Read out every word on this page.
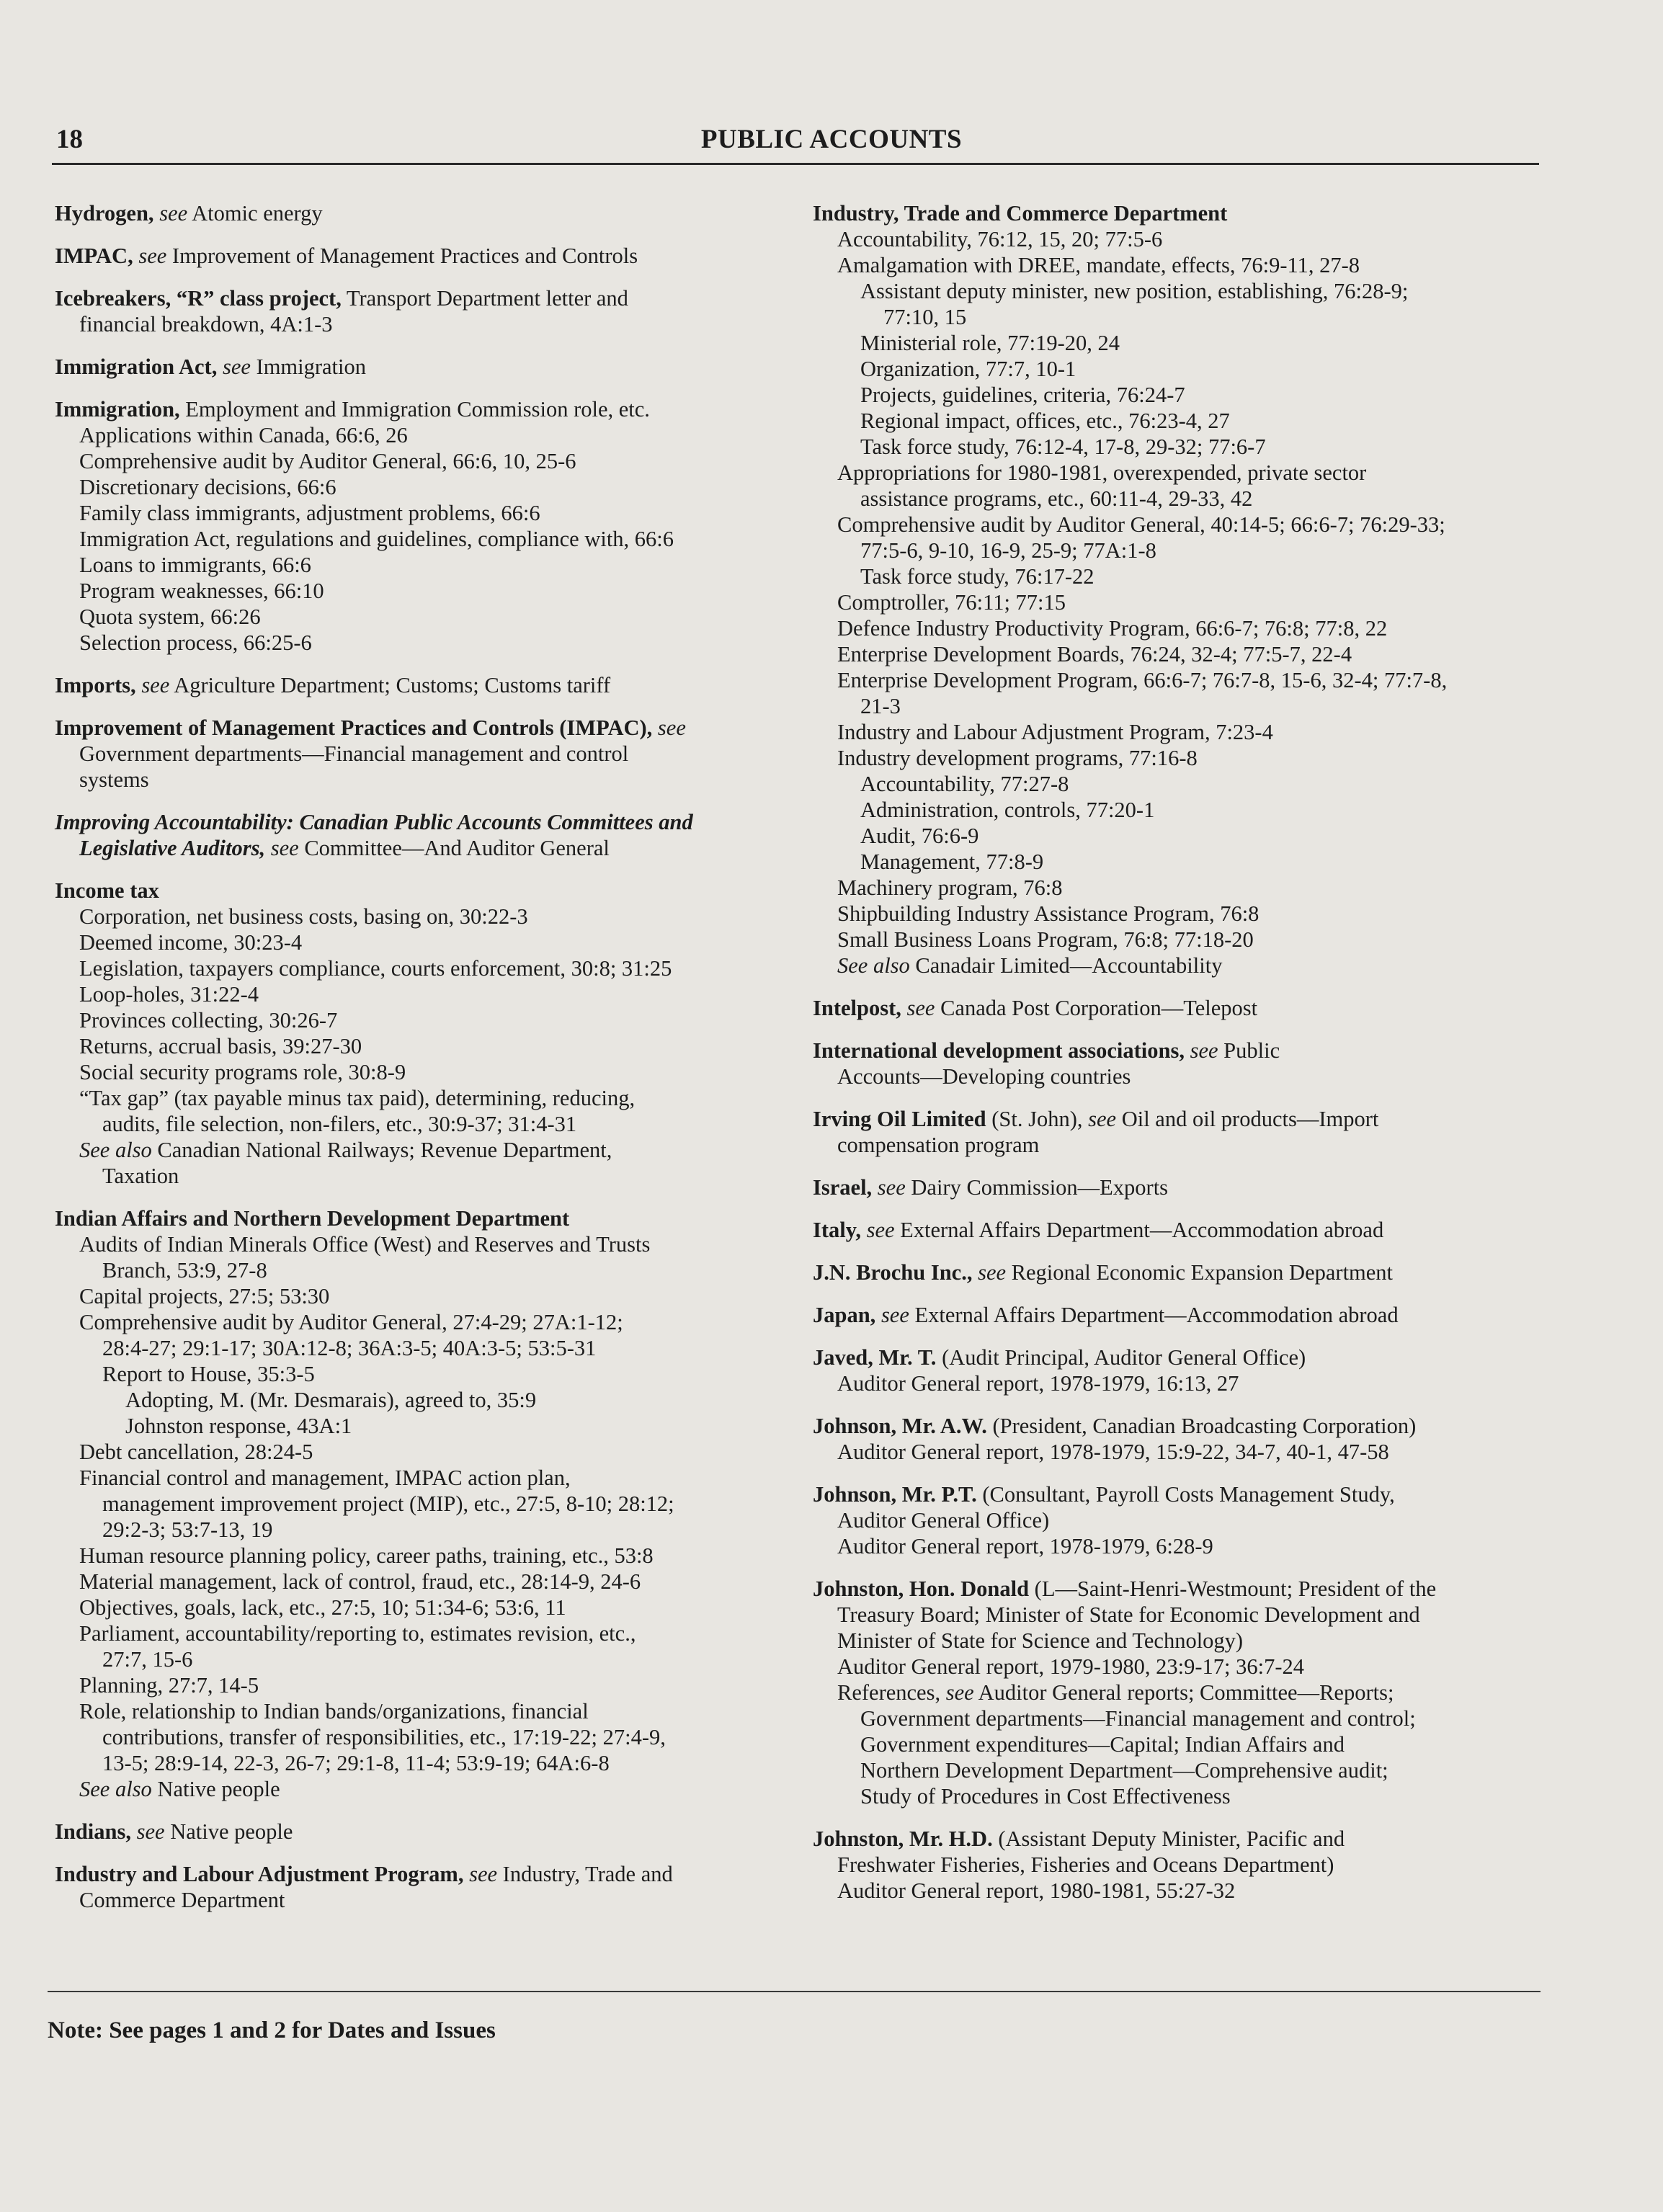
18	PUBLIC ACCOUNTS
Hydrogen, see Atomic energy
IMPAC, see Improvement of Management Practices and Controls
Icebreakers, “R” class project, Transport Department letter and
financial breakdown, 4A:1-3
Immigration Act, see Immigration
Immigration, Employment and Immigration Commission role, etc.
Applications within Canada, 66:6, 26
Comprehensive audit by Auditor General, 66:6, 10, 25-6
Discretionary decisions, 66:6
Family class immigrants, adjustment problems, 66:6
Immigration Act, regulations and guidelines, compliance with, 66:6
Loans to immigrants, 66:6
Program weaknesses, 66:10
Quota system, 66:26
Selection process, 66:25-6
Imports, see Agriculture Department; Customs; Customs tariff
Improvement of Management Practices and Controls (IMPAC), see
Government departments—Financial management and control
systems
Improving Accountability: Canadian Public Accounts Committees and
Legislative Auditors, see Committee—And Auditor General
Income tax
Corporation, net business costs, basing on, 30:22-3
Deemed income, 30:23-4
Legislation, taxpayers compliance, courts enforcement, 30:8; 31:25
Loop-holes, 31:22-4
Provinces collecting, 30:26-7
Returns, accrual basis, 39:27-30
Social security programs role, 30:8-9
“Tax gap” (tax payable minus tax paid), determining, reducing,
audits, file selection, non-filers, etc., 30:9-37; 31:4-31
See also Canadian National Railways; Revenue Department,
Taxation
Indian Affairs and Northern Development Department
Audits of Indian Minerals Office (West) and Reserves and Trusts
Branch, 53:9, 27-8
Capital projects, 27:5; 53:30
Comprehensive audit by Auditor General, 27:4-29; 27A:1-12;
28:4-27; 29:1-17; 30A:12-8; 36A:3-5; 40A:3-5; 53:5-31
Report to House, 35:3-5
Adopting, M. (Mr. Desmarais), agreed to, 35:9
Johnston response, 43A:1
Debt cancellation, 28:24-5
Financial control and management, IMPAC action plan,
management improvement project (MIP), etc., 27:5, 8-10; 28:12;
29:2-3; 53:7-13, 19
Human resource planning policy, career paths, training, etc., 53:8
Material management, lack of control, fraud, etc., 28:14-9, 24-6
Objectives, goals, lack, etc., 27:5, 10; 51:34-6; 53:6, 11
Parliament, accountability/reporting to, estimates revision, etc.,
27:7, 15-6
Planning, 27:7, 14-5
Role, relationship to Indian bands/organizations, financial
contributions, transfer of responsibilities, etc., 17:19-22; 27:4-9,
13-5; 28:9-14, 22-3, 26-7; 29:1-8, 11-4; 53:9-19; 64A:6-8
See also Native people
Indians, see Native people
Industry and Labour Adjustment Program, see Industry, Trade and
Commerce Department
Industry, Trade and Commerce Department
Accountability, 76:12, 15, 20; 77:5-6
Amalgamation with DREE, mandate, effects, 76:9-11, 27-8
Assistant deputy minister, new position, establishing, 76:28-9;
77:10, 15
Ministerial role, 77:19-20, 24
Organization, 77:7, 10-1
Projects, guidelines, criteria, 76:24-7
Regional impact, offices, etc., 76:23-4, 27
Task force study, 76:12-4, 17-8, 29-32; 77:6-7
Appropriations for 1980-1981, overexpended, private sector
assistance programs, etc., 60:11-4, 29-33, 42
Comprehensive audit by Auditor General, 40:14-5; 66:6-7; 76:29-33;
77:5-6, 9-10, 16-9, 25-9; 77A:1-8
Task force study, 76:17-22
Comptroller, 76:11; 77:15
Defence Industry Productivity Program, 66:6-7; 76:8; 77:8, 22
Enterprise Development Boards, 76:24, 32-4; 77:5-7, 22-4
Enterprise Development Program, 66:6-7; 76:7-8, 15-6, 32-4; 77:7-8,
21-3
Industry and Labour Adjustment Program, 7:23-4
Industry development programs, 77:16-8
Accountability, 77:27-8
Administration, controls, 77:20-1
Audit, 76:6-9
Management, 77:8-9
Machinery program, 76:8
Shipbuilding Industry Assistance Program, 76:8
Small Business Loans Program, 76:8; 77:18-20
See also Canadair Limited—Accountability
Intelpost, see Canada Post Corporation—Telepost
International development associations, see Public
Accounts—Developing countries
Irving Oil Limited (St. John), see Oil and oil products—Import
compensation program
Israel, see Dairy Commission—Exports
Italy, see External Affairs Department—Accommodation abroad
J.N. Brochu Inc., see Regional Economic Expansion Department
Japan, see External Affairs Department—Accommodation abroad
Javed, Mr. T. (Audit Principal, Auditor General Office)
Auditor General report, 1978-1979, 16:13, 27
Johnson, Mr. A.W. (President, Canadian Broadcasting Corporation)
Auditor General report, 1978-1979, 15:9-22, 34-7, 40-1, 47-58
Johnson, Mr. P.T. (Consultant, Payroll Costs Management Study,
Auditor General Office)
Auditor General report, 1978-1979, 6:28-9
Johnston, Hon. Donald (L—Saint-Henri-Westmount; President of the
Treasury Board; Minister of State for Economic Development and
Minister of State for Science and Technology)
Auditor General report, 1979-1980, 23:9-17; 36:7-24
References, see Auditor General reports; Committee—Reports;
Government departments—Financial management and control;
Government expenditures—Capital; Indian Affairs and
Northern Development Department—Comprehensive audit;
Study of Procedures in Cost Effectiveness
Johnston, Mr. H.D. (Assistant Deputy Minister, Pacific and
Freshwater Fisheries, Fisheries and Oceans Department)
Auditor General report, 1980-1981, 55:27-32
Note: See pages 1 and 2 for Dates and Issues
